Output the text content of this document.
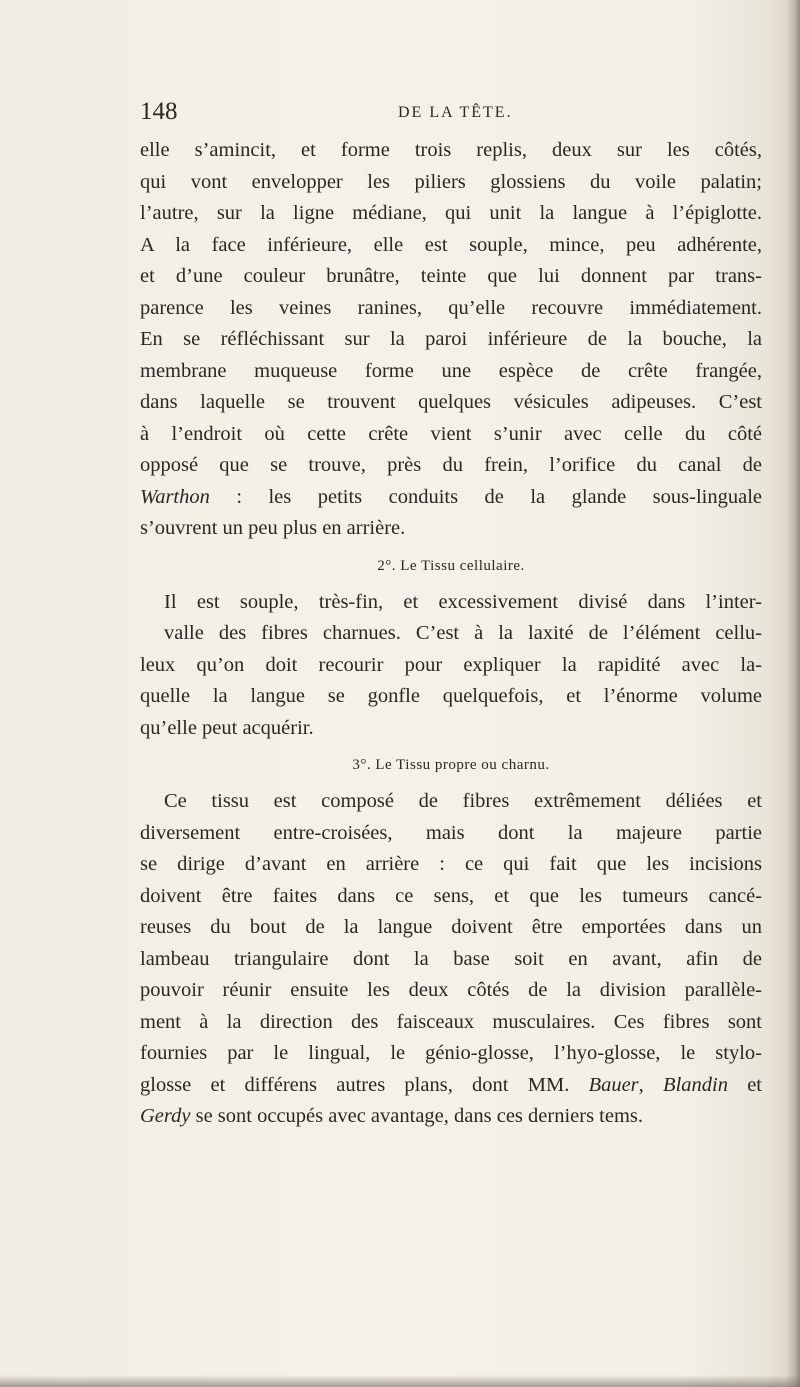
148	DE LA TÊTE.
elle s’amincit, et forme trois replis, deux sur les côtés,
qui vont envelopper les piliers glossiens du voile palatin;
l’autre, sur la ligne médiane, qui unit la langue à l’épiglotte.
A la face inférieure, elle est souple, mince, peu adhérente,
et d’une couleur brunâtre, teinte que lui donnent par trans-
parence les veines ranines, qu’elle recouvre immédiatement.
En se réfléchissant sur la paroi inférieure de la bouche, la
membrane muqueuse forme une espèce de crête frangée,
dans laquelle se trouvent quelques vésicules adipeuses. C’est
à l’endroit où cette crête vient s’unir avec celle du côté
opposé que se trouve, près du frein, l’orifice du canal de
Warthon : les petits conduits de la glande sous-linguale
s’ouvrent un peu plus en arrière.
2°. Le Tissu cellulaire.
Il est souple, très-fin, et excessivement divisé dans l’inter-
valle des fibres charnues. C’est à la laxité de l’élément cellu-
leux qu’on doit recourir pour expliquer la rapidité avec la-
quelle la langue se gonfle quelquefois, et l’énorme volume
qu’elle peut acquérir.
3°. Le Tissu propre ou charnu.
Ce tissu est composé de fibres extrêmement déliées et
diversement entre-croisées, mais dont la majeure partie
se dirige d’avant en arrière : ce qui fait que les incisions
doivent être faites dans ce sens, et que les tumeurs cancé-
reuses du bout de la langue doivent être emportées dans un
lambeau triangulaire dont la base soit en avant, afin de
pouvoir réunir ensuite les deux côtés de la division parallèle-
ment à la direction des faisceaux musculaires. Ces fibres sont
fournies par le lingual, le génio-glosse, l’hyo-glosse, le stylo-
glosse et différens autres plans, dont MM. Bauer, Blandin et
Gerdy se sont occupés avec avantage, dans ces derniers tems.
